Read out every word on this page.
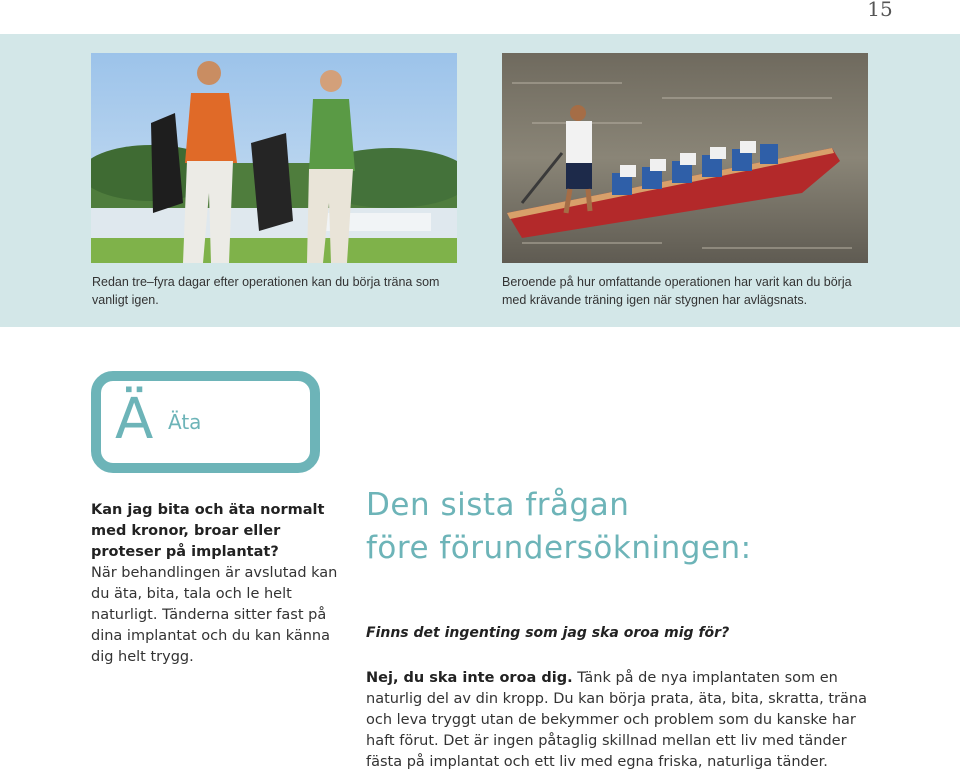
15
Redan tre–fyra dagar efter operationen kan du börja träna som vanligt igen.
Beroende på hur omfattande operationen har varit kan du börja med krävande träning igen när stygnen har avlägsnats.
Ä Äta

Kan jag bita och äta normalt med kronor, broar eller proteser på implantat?

När behandlingen är avslutad kan du äta, bita, tala och le helt naturligt. Tänderna sitter fast på dina implantat och du kan känna dig helt trygg.

Den sista frågan
före förundersökningen:

Finns det ingenting som jag ska oroa mig för?

Nej, du ska inte oroa dig. Tänk på de nya implantaten som en naturlig del av din kropp. Du kan börja prata, äta, bita, skratta, träna och leva tryggt utan de bekymmer och problem som du kanske har haft förut. Det är ingen påtaglig skillnad mellan ett liv med tänder fästa på implantat och ett liv med egna friska, naturliga tänder.
